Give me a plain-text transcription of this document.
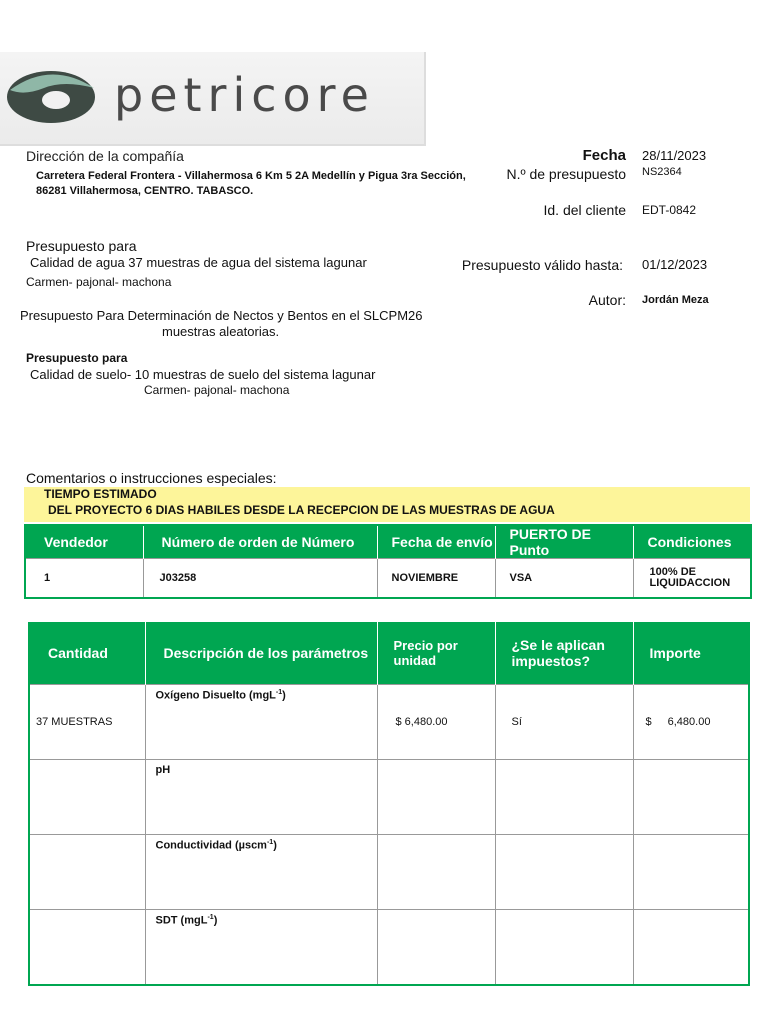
petricore
Dirección de la compañía
Carretera Federal Frontera - Villahermosa 6 Km 5 2A Medellín y Pigua 3ra Sección,
86281 Villahermosa, CENTRO. TABASCO.
Fecha 28/11/2023
N.º de presupuesto NS2364
Id. del cliente EDT-0842
Presupuesto válido hasta: 01/12/2023
Autor: Jordán Meza
Presupuesto para
Calidad de agua 37 muestras de agua del sistema lagunar
Carmen- pajonal- machona
Presupuesto Para Determinación de Nectos y Bentos en el SLCPM26
muestras aleatorias.
Presupuesto para
Calidad de suelo- 10 muestras de suelo del sistema lagunar
Carmen- pajonal- machona
Comentarios o instrucciones especiales:
TIEMPO ESTIMADO
DEL PROYECTO 6 DIAS HABILES DESDE LA RECEPCION DE LAS MUESTRAS DE AGUA
Vendedor	Número de orden de Número	Fecha de envío	PUERTO DE Punto	Condiciones
1	J03258	NOVIEMBRE	VSA	100% DE LIQUIDACCION
Cantidad	Descripción de los parámetros	Precio por unidad	¿Se le aplican impuestos?	Importe
37 MUESTRAS	Oxígeno Disuelto (mgL$^{-1}$)	$ 6,480.00	Sí	$ 6,480.00
	pH			
	Conductividad (µscm$^{-1}$)			
	SDT (mgL$^{-1}$)			
